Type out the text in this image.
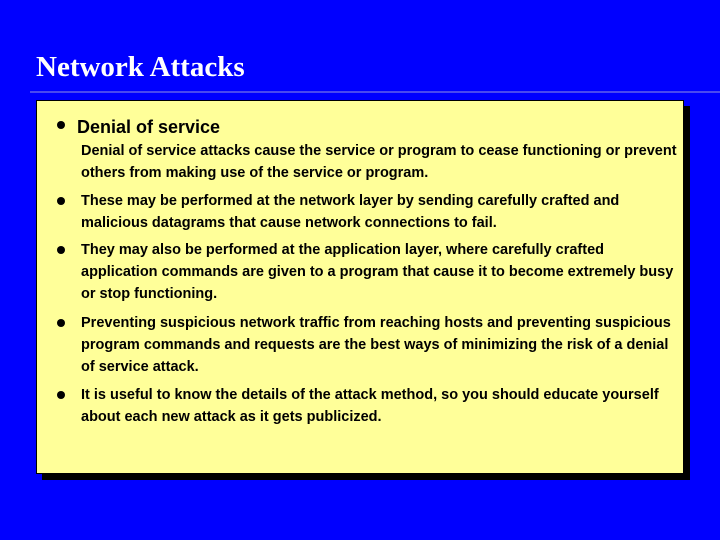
Network Attacks
Denial of service
Denial of service attacks cause the service or program to cease functioning or prevent others from making use of the service or program.
These may be performed at the network layer by sending carefully crafted and malicious datagrams that cause network connections to fail.
They may also be performed at the application layer, where carefully crafted application commands are given to a program that cause it to become extremely busy or stop functioning.
Preventing suspicious network traffic from reaching hosts and preventing suspicious program commands and requests are the best ways of minimizing the risk of a denial of service attack.
It is useful to know the details of the attack method, so you should educate yourself about each new attack as it gets publicized.
